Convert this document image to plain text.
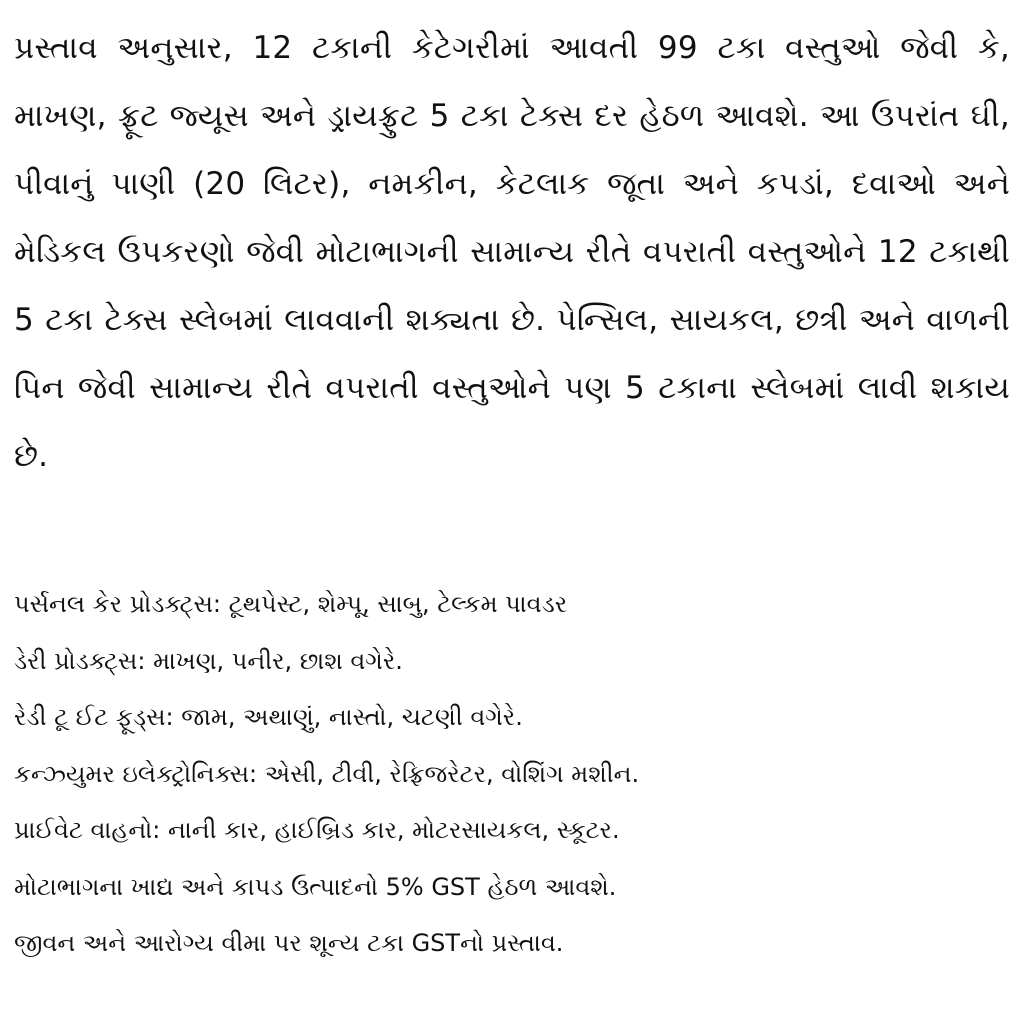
પ્રસ્તાવ અનુસાર, 12 ટકાની કેટેગરીમાં આવતી 99 ટકા વસ્તુઓ જેવી કે, માખણ, ફ્રૂટ જ્યૂસ અને ડ્રાયફ્રુટ 5 ટકા ટેક્સ દર હેઠળ આવશે. આ ઉપરાંત ઘી, પીવાનું પાણી (20 લિટર), નમકીન, કેટલાક જૂતા અને કપડાં, દવાઓ અને મેડિકલ ઉપકરણો જેવી મોટાભાગની સામાન્ય રીતે વપરાતી વસ્તુઓને 12 ટકાથી 5 ટકા ટેક્સ સ્લેબમાં લાવવાની શક્યતા છે. પેન્સિલ, સાયકલ, છત્રી અને વાળની પિન જેવી સામાન્ય રીતે વપરાતી વસ્તુઓને પણ 5 ટકાના સ્લેબમાં લાવી શકાય છે.

પર્સનલ કેર પ્રોડક્ટ્સ: ટૂથપેસ્ટ, શેમ્પૂ, સાબુ, ટેલ્કમ પાવડર
ડેરી પ્રોડક્ટ્સ: માખણ, પનીર, છાશ વગેરે.
રેડી ટૂ ઈટ ફૂડ્સ: જામ, અથાણું, નાસ્તો, ચટણી વગેરે.
કન્ઝ્યુમર ઇલેક્ટ્રોનિક્સ: એસી, ટીવી, રેફ્રિજરેટર, વોશિંગ મશીન.
પ્રાઈવેટ વાહનો: નાની કાર, હાઈબ્રિડ કાર, મોટરસાયકલ, સ્કૂટર.
મોટાભાગના ખાદ્ય અને કાપડ ઉત્પાદનો 5% GST હેઠળ આવશે.
જીવન અને આરોગ્ય વીમા પર શૂન્ય ટકા GSTનો પ્રસ્તાવ.
